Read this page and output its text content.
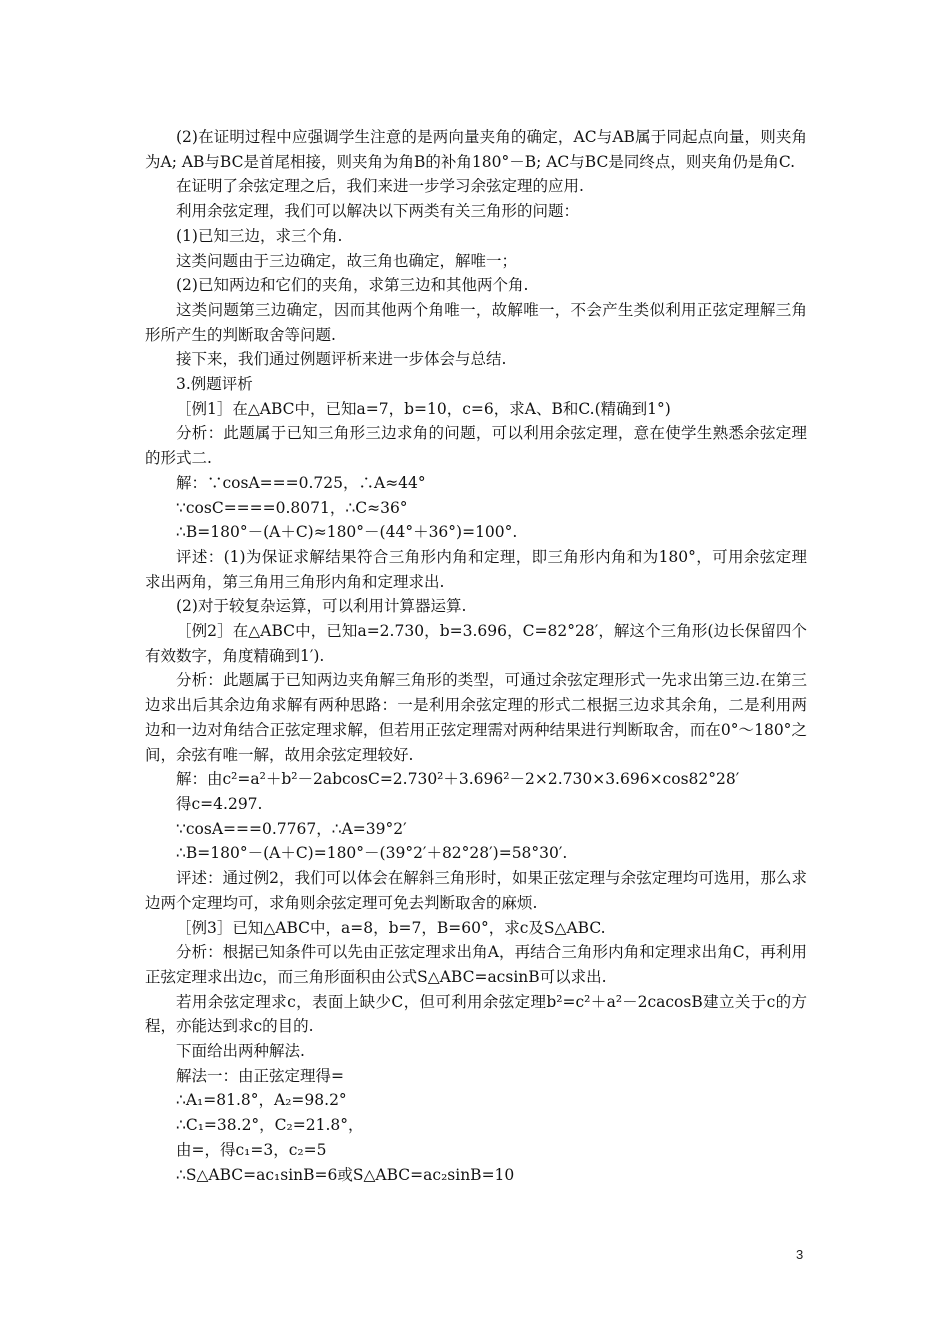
(2)在证明过程中应强调学生注意的是两向量夹角的确定，AC与AB属于同起点向量，则夹角为A; AB与BC是首尾相接，则夹角为角B的补角180°－B; AC与BC是同终点，则夹角仍是角C.

在证明了余弦定理之后，我们来进一步学习余弦定理的应用.

利用余弦定理，我们可以解决以下两类有关三角形的问题：

(1)已知三边，求三个角.

这类问题由于三边确定，故三角也确定，解唯一；

(2)已知两边和它们的夹角，求第三边和其他两个角.

这类问题第三边确定，因而其他两个角唯一，故解唯一，不会产生类似利用正弦定理解三角形所产生的判断取舍等问题.

接下来，我们通过例题评析来进一步体会与总结.

3.例题评析

［例1］在△ABC中，已知a=7，b=10，c=6，求A、B和C.(精确到1°)

分析：此题属于已知三角形三边求角的问题，可以利用余弦定理，意在使学生熟悉余弦定理的形式二.

解：∵cosA===0.725，∴A≈44°

∵cosC====0.8071，∴C≈36°

∴B=180°－(A＋C)≈180°－(44°＋36°)=100°.

评述：(1)为保证求解结果符合三角形内角和定理，即三角形内角和为180°，可用余弦定理求出两角，第三角用三角形内角和定理求出.

(2)对于较复杂运算，可以利用计算器运算.

［例2］在△ABC中，已知a=2.730，b=3.696，C=82°28′，解这个三角形(边长保留四个有效数字，角度精确到1′).

分析：此题属于已知两边夹角解三角形的类型，可通过余弦定理形式一先求出第三边.在第三边求出后其余边角求解有两种思路：一是利用余弦定理的形式二根据三边求其余角，二是利用两边和一边对角结合正弦定理求解，但若用正弦定理需对两种结果进行判断取舍，而在0°～180°之间，余弦有唯一解，故用余弦定理较好.

解：由c²=a²＋b²－2abcosC=2.730²＋3.696²－2×2.730×3.696×cos82°28′

得c=4.297.

∵cosA===0.7767，∴A=39°2′

∴B=180°－(A＋C)=180°－(39°2′＋82°28′)=58°30′.

评述：通过例2，我们可以体会在解斜三角形时，如果正弦定理与余弦定理均可选用，那么求边两个定理均可，求角则余弦定理可免去判断取舍的麻烦.

［例3］已知△ABC中，a=8，b=7，B=60°，求c及S△ABC.

分析：根据已知条件可以先由正弦定理求出角A，再结合三角形内角和定理求出角C，再利用正弦定理求出边c，而三角形面积由公式S△ABC=acsinB可以求出.

若用余弦定理求c，表面上缺少C，但可利用余弦定理b²=c²＋a²－2cacosB建立关于c的方程，亦能达到求c的目的.

下面给出两种解法.

解法一：由正弦定理得=

∴A₁=81.8°，A₂=98.2°

∴C₁=38.2°，C₂=21.8°，

由=，得c₁=3，c₂=5

∴S△ABC=ac₁sinB=6或S△ABC=ac₂sinB=10

3
